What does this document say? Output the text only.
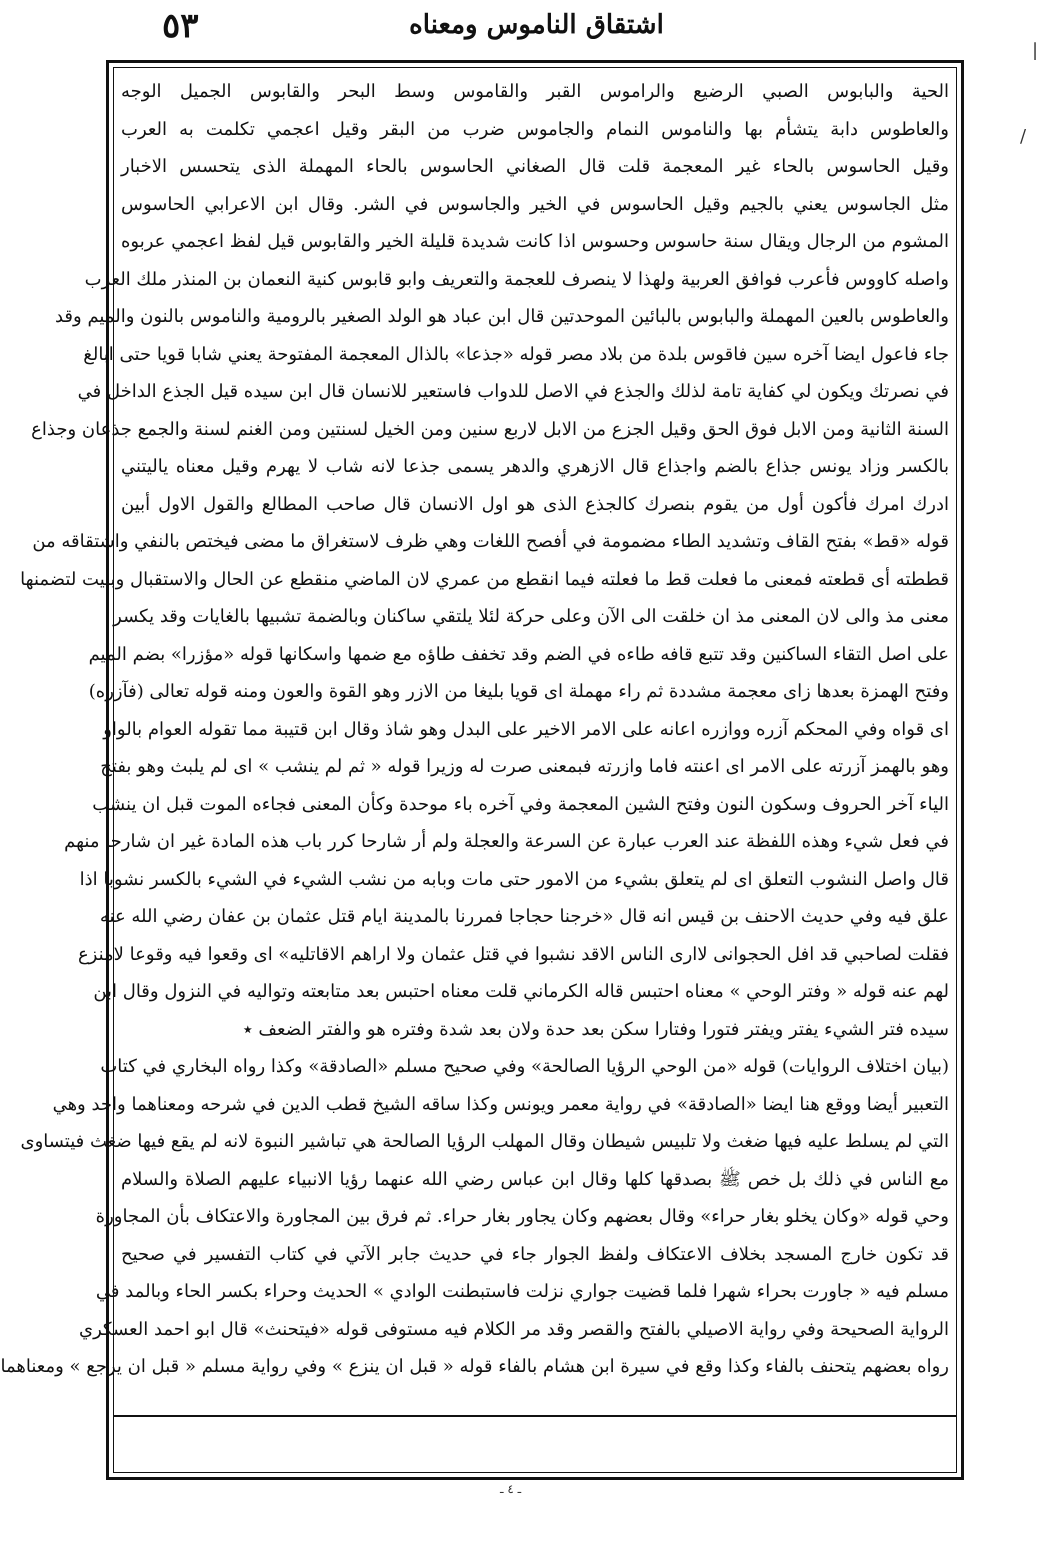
٥٣	اشتقاق الناموس ومعناه
الحية والبابوس الصبي الرضيع والراموس القبر والقاموس وسط البحر والقابوس الجميل الوجه
والعاطوس دابة يتشأم بها والناموس النمام والجاموس ضرب من البقر وقيل اعجمي تكلمت به العرب
وقيل الحاسوس بالحاء غير المعجمة قلت قال الصغاني الحاسوس بالحاء المهملة الذى يتحسس الاخبار
مثل الجاسوس يعني بالجيم وقيل الحاسوس في الخير والجاسوس في الشر. وقال ابن الاعرابي الحاسوس
المشوم من الرجال ويقال سنة حاسوس وحسوس اذا كانت شديدة قليلة الخير والقابوس قيل لفظ اعجمي عربوه
واصله كاووس فأعرب فوافق العربية ولهذا لا ينصرف للعجمة والتعريف وابو قابوس كنية النعمان بن المنذر ملك العرب
والعاطوس بالعين المهملة والبابوس بالبائين الموحدتين قال ابن عباد هو الولد الصغير بالرومية والناموس بالنون والميم وقد
جاء فاعول ايضا آخره سين فاقوس بلدة من بلاد مصر قوله «جذعا» بالذال المعجمة المفتوحة يعني شابا قويا حتى ابالغ
في نصرتك ويكون لي كفاية تامة لذلك والجذع في الاصل للدواب فاستعير للانسان قال ابن سيده قيل الجذع الداخل في
السنة الثانية ومن الابل فوق الحق وقيل الجزع من الابل لاربع سنين ومن الخيل لسنتين ومن الغنم لسنة والجمع جذعان وجذاع
بالكسر وزاد يونس جذاع بالضم واجذاع قال الازهري والدهر يسمى جذعا لانه شاب لا يهرم وقيل معناه ياليتني
ادرك امرك فأكون أول من يقوم بنصرك كالجذع الذى هو اول الانسان قال صاحب المطالع والقول الاول أبين
قوله «قط» بفتح القاف وتشديد الطاء مضمومة في أفصح اللغات وهي ظرف لاستغراق ما مضى فيختص بالنفي واشتقاقه من
قططته أى قطعته فمعنى ما فعلت قط ما فعلته فيما انقطع من عمري لان الماضي منقطع عن الحال والاستقبال وبنيت لتضمنها
معنى مذ والى لان المعنى مذ ان خلقت الى الآن وعلى حركة لئلا يلتقي ساكنان وبالضمة تشبيها بالغايات وقد يكسر
على اصل التقاء الساكنين وقد تتبع قافه طاءه في الضم وقد تخفف طاؤه مع ضمها واسكانها قوله «مؤزرا» بضم الميم
وفتح الهمزة بعدها زاى معجمة مشددة ثم راء مهملة اى قويا بليغا من الازر وهو القوة والعون ومنه قوله تعالى (فآزره)
اى قواه وفي المحكم آزره ووازره اعانه على الامر الاخير على البدل وهو شاذ وقال ابن قتيبة مما تقوله العوام بالواو
وهو بالهمز آزرته على الامر اى اعنته فاما وازرته فبمعنى صرت له وزيرا قوله « ثم لم ينشب » اى لم يلبث وهو بفتح
الياء آخر الحروف وسكون النون وفتح الشين المعجمة وفي آخره باء موحدة وكأن المعنى فجاءه الموت قبل ان ينشب
في فعل شيء وهذه اللفظة عند العرب عبارة عن السرعة والعجلة ولم أر شارحا كرر باب هذه المادة غير ان شارحا منهم
قال واصل النشوب التعلق اى لم يتعلق بشيء من الامور حتى مات وبابه من نشب الشيء في الشيء بالكسر نشوبا اذا
علق فيه وفي حديث الاحنف بن قيس انه قال «خرجنا حجاجا فمررنا بالمدينة ايام قتل عثمان بن عفان رضي الله عنه
فقلت لصاحبي قد افل الحجوانى لاارى الناس الاقد نشبوا في قتل عثمان ولا اراهم الاقاتليه» اى وقعوا فيه وقوعا لامنزع
لهم عنه قوله « وفتر الوحي » معناه احتبس قاله الكرماني قلت معناه احتبس بعد متابعته وتواليه في النزول وقال ابن
سيده فتر الشيء يفتر ويفتر فتورا وفتارا سكن بعد حدة ولان بعد شدة وفتره هو والفتر الضعف ٭
(بيان اختلاف الروايات) قوله «من الوحي الرؤيا الصالحة» وفي صحيح مسلم «الصادقة» وكذا رواه البخاري في كتاب
التعبير أيضا ووقع هنا ايضا «الصادقة» في رواية معمر ويونس وكذا ساقه الشيخ قطب الدين في شرحه ومعناهما واحد وهي
التي لم يسلط عليه فيها ضغث ولا تلبيس شيطان وقال المهلب الرؤيا الصالحة هي تباشير النبوة لانه لم يقع فيها ضغث فيتساوى
مع الناس في ذلك بل خص ﷺ بصدقها كلها وقال ابن عباس رضي الله عنهما رؤيا الانبياء عليهم الصلاة والسلام
وحي قوله «وكان يخلو بغار حراء» وقال بعضهم وكان يجاور بغار حراء. ثم فرق بين المجاورة والاعتكاف بأن المجاورة
قد تكون خارج المسجد بخلاف الاعتكاف ولفظ الجوار جاء في حديث جابر الآتي في كتاب التفسير في صحيح
مسلم فيه « جاورت بحراء شهرا فلما قضيت جواري نزلت فاستبطنت الوادي » الحديث وحراء بكسر الحاء وبالمد في
الرواية الصحيحة وفي رواية الاصيلي بالفتح والقصر وقد مر الكلام فيه مستوفى قوله «فيتحنث» قال ابو احمد العسكري
رواه بعضهم يتحنف بالفاء وكذا وقع في سيرة ابن هشام بالفاء قوله « قبل ان ينزع » وفي رواية مسلم « قبل ان يرجع » ومعناهما
|
/
ـ ٤ ـ
